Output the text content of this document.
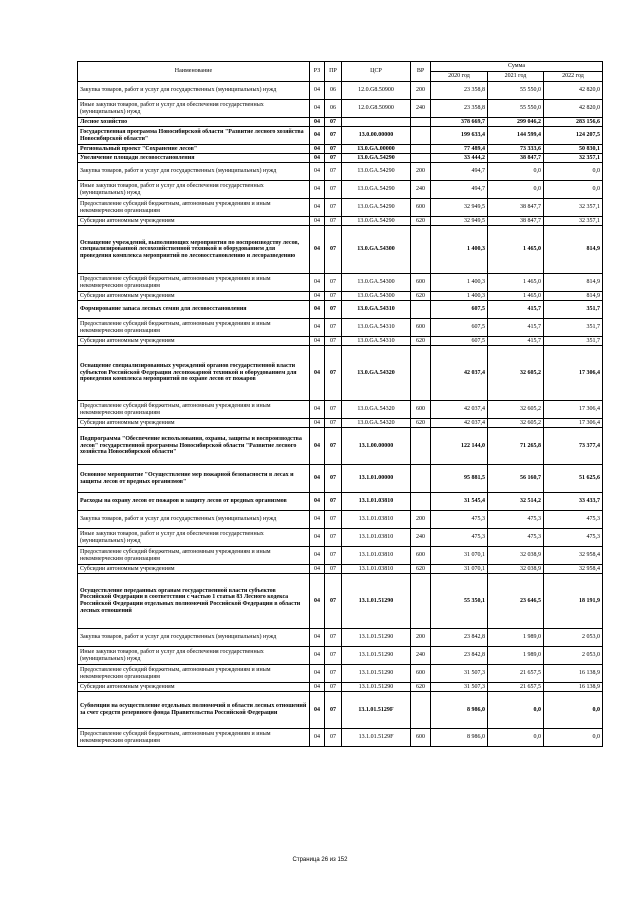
Наименование	РЗ	ПР	ЦСР	ВР	Сумма		
					2020 год	2021 год	2022 год
Закупка товаров, работ и услуг для государственных (муниципальных) нужд	04	06	12.0.G8.50900	200	23 358,8	55 550,0	42 820,0
Иные закупки товаров, работ и услуг для обеспечения государственных (муниципальных) нужд	04	06	12.0.G8.50900	240	23 358,8	55 550,0	42 820,0
Лесное хозяйство	04	07			378 669,7	299 046,2	283 156,6
Государственная программа Новосибирской области "Развитие лесного хозяйства Новосибирской области"	04	07	13.0.00.00000		199 633,4	144 599,4	124 207,5
Региональный проект "Сохранение лесов"	04	07	13.0.GA.00000		77 489,4	73 333,6	50 830,1
Увеличение площади лесовосстановления	04	07	13.0.GA.54290		33 444,2	38 847,7	32 357,1
Закупка товаров, работ и услуг для государственных (муниципальных) нужд	04	07	13.0.GA.54290	200	494,7	0,0	0,0
Иные закупки товаров, работ и услуг для обеспечения государственных (муниципальных) нужд	04	07	13.0.GA.54290	240	494,7	0,0	0,0
Предоставление субсидий бюджетным, автономным учреждениям и иным некоммерческим организациям	04	07	13.0.GA.54290	600	32 949,5	38 847,7	32 357,1
Субсидии автономным учреждениям	04	07	13.0.GA.54290	620	32 949,5	38 847,7	32 357,1
Оснащение учреждений, выполняющих мероприятия по воспроизводству лесов, специализированной лесохозяйственной техникой и оборудованием для проведения комплекса мероприятий по лесовосстановлению и лесоразведению	04	07	13.0.GA.54300		1 400,3	1 465,0	814,9
Предоставление субсидий бюджетным, автономным учреждениям и иным некоммерческим организациям	04	07	13.0.GA.54300	600	1 400,3	1 465,0	814,9
Субсидии автономным учреждениям	04	07	13.0.GA.54300	620	1 400,3	1 465,0	814,9
Формирование запаса лесных семян для лесовосстановления	04	07	13.0.GA.54310		607,5	415,7	351,7
Предоставление субсидий бюджетным, автономным учреждениям и иным некоммерческим организациям	04	07	13.0.GA.54310	600	607,5	415,7	351,7
Субсидии автономным учреждениям	04	07	13.0.GA.54310	620	607,5	415,7	351,7
Оснащение специализированных учреждений органов государственной власти субъектов Российской Федерации лесопожарной техникой и оборудованием для проведения комплекса мероприятий по охране лесов от пожаров	04	07	13.0.GA.54320		42 037,4	32 605,2	17 306,4
Предоставление субсидий бюджетным, автономным учреждениям и иным некоммерческим организациям	04	07	13.0.GA.54320	600	42 037,4	32 605,2	17 306,4
Субсидии автономным учреждениям	04	07	13.0.GA.54320	620	42 037,4	32 605,2	17 306,4
Подпрограмма "Обеспечение использования, охраны, защиты и воспроизводства лесов" государственной программы Новосибирской области "Развитие лесного хозяйства Новосибирской области"	04	07	13.1.00.00000		122 144,0	71 265,8	73 377,4
Основное мероприятие "Осуществление мер пожарной безопасности в лесах и защиты лесов от вредных организмов"	04	07	13.1.01.00000		95 881,5	56 160,7	51 625,6
Расходы на охрану лесов от пожаров и защиту лесов от вредных организмов	04	07	13.1.01.03810		31 545,4	32 514,2	33 433,7
Закупка товаров, работ и услуг для государственных (муниципальных) нужд	04	07	13.1.01.03810	200	475,3	475,3	475,3
Иные закупки товаров, работ и услуг для обеспечения государственных (муниципальных) нужд	04	07	13.1.01.03810	240	475,3	475,3	475,3
Предоставление субсидий бюджетным, автономным учреждениям и иным некоммерческим организациям	04	07	13.1.01.03810	600	31 070,1	32 038,9	32 958,4
Субсидии автономным учреждениям	04	07	13.1.01.03810	620	31 070,1	32 038,9	32 958,4
Осуществление переданных органам государственной власти субъектов Российской Федерации в соответствии с частью 1 статьи 83 Лесного кодекса Российской Федерации отдельных полномочий Российской Федерации в области лесных отношений	04	07	13.1.01.51290		55 350,1	23 646,5	18 191,9
Закупка товаров, работ и услуг для государственных (муниципальных) нужд	04	07	13.1.01.51290	200	23 842,8	1 989,0	2 053,0
Иные закупки товаров, работ и услуг для обеспечения государственных (муниципальных) нужд	04	07	13.1.01.51290	240	23 842,8	1 989,0	2 053,0
Предоставление субсидий бюджетным, автономным учреждениям и иным некоммерческим организациям	04	07	13.1.01.51290	600	31 507,3	21 657,5	16 138,9
Субсидии автономным учреждениям	04	07	13.1.01.51290	620	31 507,3	21 657,5	16 138,9
Субвенции на осуществление отдельных полномочий в области лесных отношений за счет средств резервного фонда Правительства Российской Федерации	04	07	13.1.01.5129F		8 986,0	0,0	0,0
Предоставление субсидий бюджетным, автономным учреждениям и иным некоммерческим организациям	04	07	13.1.01.5129F	600	8 986,0	0,0	0,0
Страница 26 из 152
